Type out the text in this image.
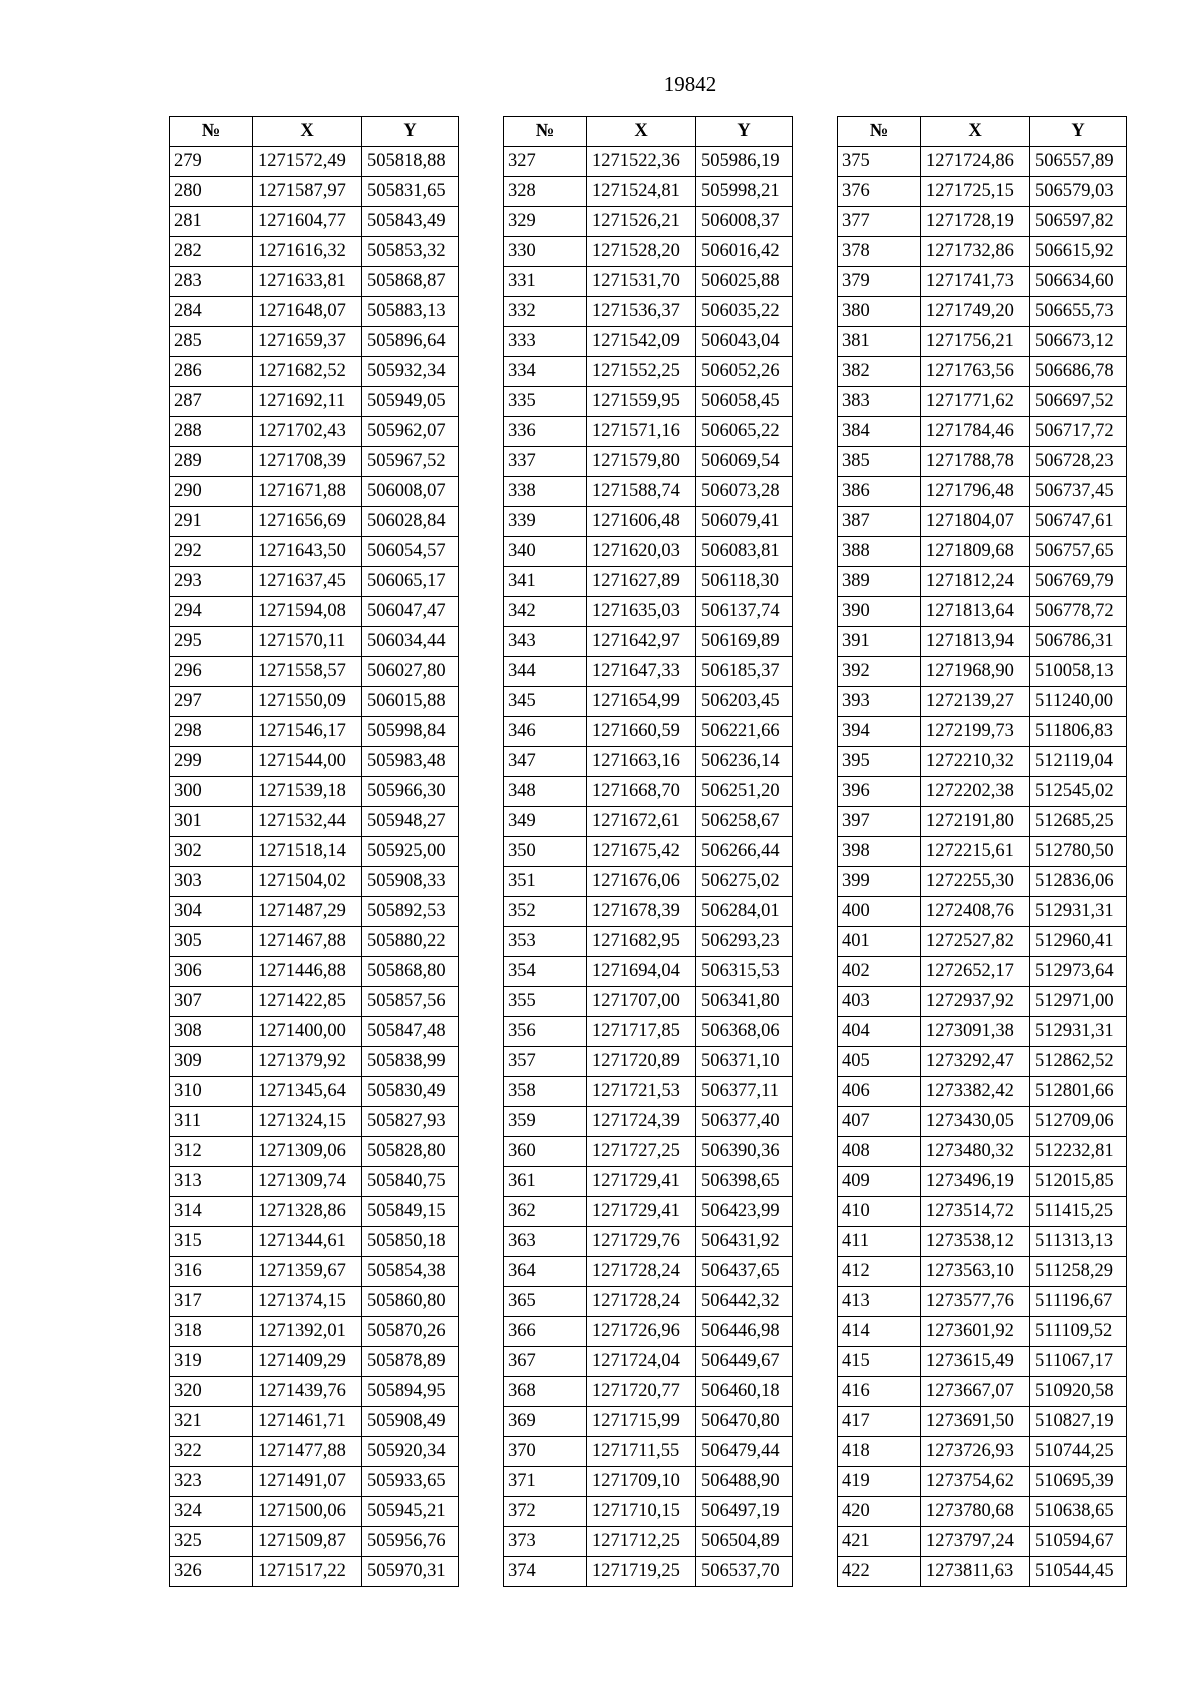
19842
№	X	Y
279	1271572,49	505818,88
280	1271587,97	505831,65
281	1271604,77	505843,49
282	1271616,32	505853,32
283	1271633,81	505868,87
284	1271648,07	505883,13
285	1271659,37	505896,64
286	1271682,52	505932,34
287	1271692,11	505949,05
288	1271702,43	505962,07
289	1271708,39	505967,52
290	1271671,88	506008,07
291	1271656,69	506028,84
292	1271643,50	506054,57
293	1271637,45	506065,17
294	1271594,08	506047,47
295	1271570,11	506034,44
296	1271558,57	506027,80
297	1271550,09	506015,88
298	1271546,17	505998,84
299	1271544,00	505983,48
300	1271539,18	505966,30
301	1271532,44	505948,27
302	1271518,14	505925,00
303	1271504,02	505908,33
304	1271487,29	505892,53
305	1271467,88	505880,22
306	1271446,88	505868,80
307	1271422,85	505857,56
308	1271400,00	505847,48
309	1271379,92	505838,99
310	1271345,64	505830,49
311	1271324,15	505827,93
312	1271309,06	505828,80
313	1271309,74	505840,75
314	1271328,86	505849,15
315	1271344,61	505850,18
316	1271359,67	505854,38
317	1271374,15	505860,80
318	1271392,01	505870,26
319	1271409,29	505878,89
320	1271439,76	505894,95
321	1271461,71	505908,49
322	1271477,88	505920,34
323	1271491,07	505933,65
324	1271500,06	505945,21
325	1271509,87	505956,76
326	1271517,22	505970,31
№	X	Y
327	1271522,36	505986,19
328	1271524,81	505998,21
329	1271526,21	506008,37
330	1271528,20	506016,42
331	1271531,70	506025,88
332	1271536,37	506035,22
333	1271542,09	506043,04
334	1271552,25	506052,26
335	1271559,95	506058,45
336	1271571,16	506065,22
337	1271579,80	506069,54
338	1271588,74	506073,28
339	1271606,48	506079,41
340	1271620,03	506083,81
341	1271627,89	506118,30
342	1271635,03	506137,74
343	1271642,97	506169,89
344	1271647,33	506185,37
345	1271654,99	506203,45
346	1271660,59	506221,66
347	1271663,16	506236,14
348	1271668,70	506251,20
349	1271672,61	506258,67
350	1271675,42	506266,44
351	1271676,06	506275,02
352	1271678,39	506284,01
353	1271682,95	506293,23
354	1271694,04	506315,53
355	1271707,00	506341,80
356	1271717,85	506368,06
357	1271720,89	506371,10
358	1271721,53	506377,11
359	1271724,39	506377,40
360	1271727,25	506390,36
361	1271729,41	506398,65
362	1271729,41	506423,99
363	1271729,76	506431,92
364	1271728,24	506437,65
365	1271728,24	506442,32
366	1271726,96	506446,98
367	1271724,04	506449,67
368	1271720,77	506460,18
369	1271715,99	506470,80
370	1271711,55	506479,44
371	1271709,10	506488,90
372	1271710,15	506497,19
373	1271712,25	506504,89
374	1271719,25	506537,70
№	X	Y
375	1271724,86	506557,89
376	1271725,15	506579,03
377	1271728,19	506597,82
378	1271732,86	506615,92
379	1271741,73	506634,60
380	1271749,20	506655,73
381	1271756,21	506673,12
382	1271763,56	506686,78
383	1271771,62	506697,52
384	1271784,46	506717,72
385	1271788,78	506728,23
386	1271796,48	506737,45
387	1271804,07	506747,61
388	1271809,68	506757,65
389	1271812,24	506769,79
390	1271813,64	506778,72
391	1271813,94	506786,31
392	1271968,90	510058,13
393	1272139,27	511240,00
394	1272199,73	511806,83
395	1272210,32	512119,04
396	1272202,38	512545,02
397	1272191,80	512685,25
398	1272215,61	512780,50
399	1272255,30	512836,06
400	1272408,76	512931,31
401	1272527,82	512960,41
402	1272652,17	512973,64
403	1272937,92	512971,00
404	1273091,38	512931,31
405	1273292,47	512862,52
406	1273382,42	512801,66
407	1273430,05	512709,06
408	1273480,32	512232,81
409	1273496,19	512015,85
410	1273514,72	511415,25
411	1273538,12	511313,13
412	1273563,10	511258,29
413	1273577,76	511196,67
414	1273601,92	511109,52
415	1273615,49	511067,17
416	1273667,07	510920,58
417	1273691,50	510827,19
418	1273726,93	510744,25
419	1273754,62	510695,39
420	1273780,68	510638,65
421	1273797,24	510594,67
422	1273811,63	510544,45
